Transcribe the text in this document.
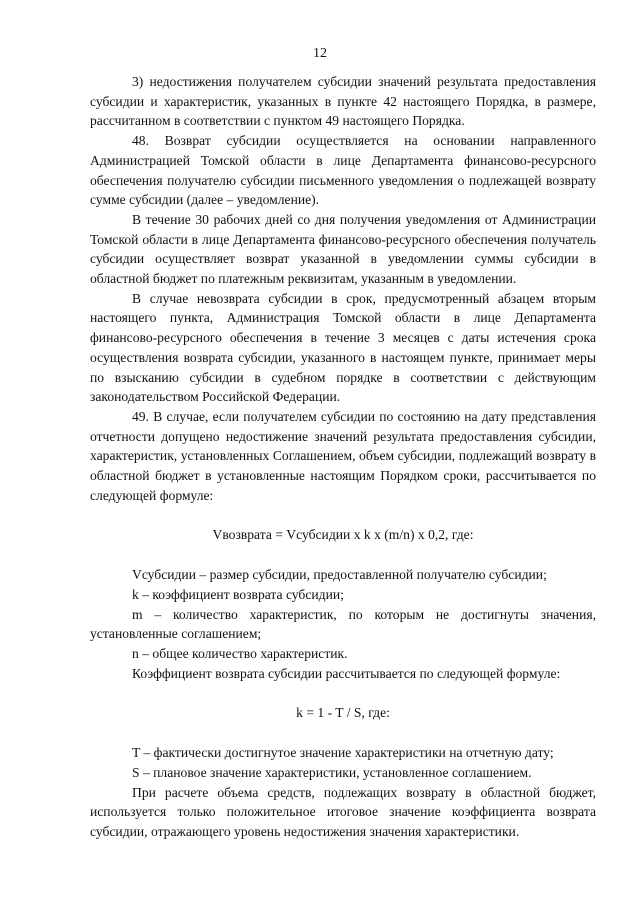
12

3) недостижения получателем субсидии значений результата предоставления субсидии и характеристик, указанных в пункте 42 настоящего Порядка, в размере, рассчитанном в соответствии с пунктом 49 настоящего Порядка.

48. Возврат субсидии осуществляется на основании направленного Администрацией Томской области в лице Департамента финансово-ресурсного обеспечения получателю субсидии письменного уведомления о подлежащей возврату сумме субсидии (далее – уведомление).

В течение 30 рабочих дней со дня получения уведомления от Администрации Томской области в лице Департамента финансово-ресурсного обеспечения получатель субсидии осуществляет возврат указанной в уведомлении суммы субсидии в областной бюджет по платежным реквизитам, указанным в уведомлении.

В случае невозврата субсидии в срок, предусмотренный абзацем вторым настоящего пункта, Администрация Томской области в лице Департамента финансово-ресурсного обеспечения в течение 3 месяцев с даты истечения срока осуществления возврата субсидии, указанного в настоящем пункте, принимает меры по взысканию субсидии в судебном порядке в соответствии с действующим законодательством Российской Федерации.

49. В случае, если получателем субсидии по состоянию на дату представления отчетности допущено недостижение значений результата предоставления субсидии, характеристик, установленных Соглашением, объем субсидии, подлежащий возврату в областной бюджет в установленные настоящим Порядком сроки, рассчитывается по следующей формуле:

Vвозврата = Vсубсидии x k x (m/n) x 0,2, где:

Vсубсидии – размер субсидии, предоставленной получателю субсидии;

k – коэффициент возврата субсидии;

m – количество характеристик, по которым не достигнуты значения, установленные соглашением;

n – общее количество характеристик.

Коэффициент возврата субсидии рассчитывается по следующей формуле:

k = 1 - T / S, где:

T – фактически достигнутое значение характеристики на отчетную дату;

S – плановое значение характеристики, установленное соглашением.

При расчете объема средств, подлежащих возврату в областной бюджет, используется только положительное итоговое значение коэффициента возврата субсидии, отражающего уровень недостижения значения характеристики.
